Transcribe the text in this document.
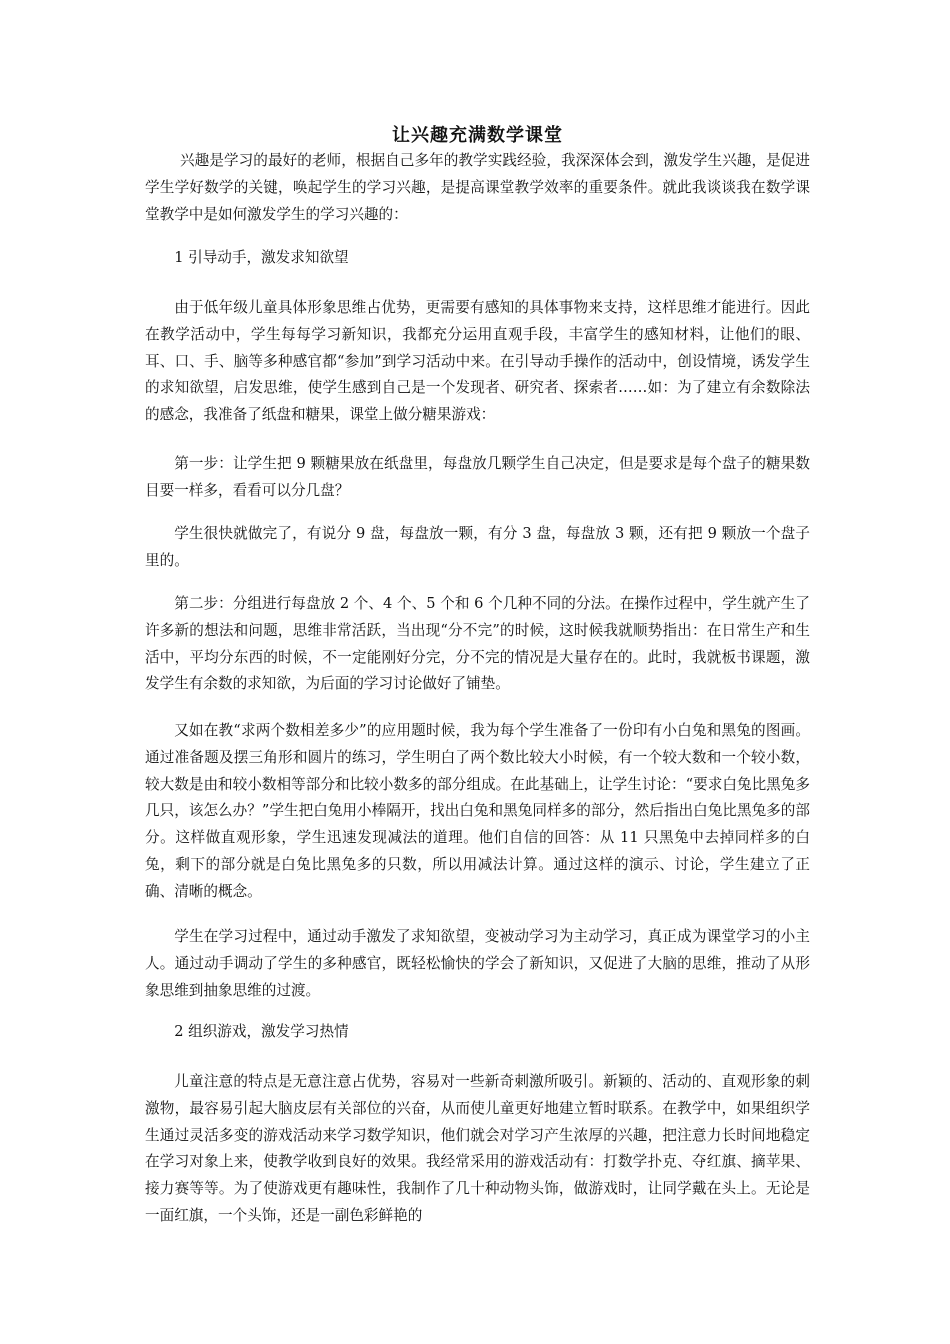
让兴趣充满数学课堂

兴趣是学习的最好的老师，根据自己多年的教学实践经验，我深深体会到，激发学生兴趣，是促进学生学好数学的关键，唤起学生的学习兴趣，是提高课堂教学效率的重要条件。就此我谈谈我在数学课堂教学中是如何激发学生的学习兴趣的：

1 引导动手，激发求知欲望

由于低年级儿童具体形象思维占优势，更需要有感知的具体事物来支持，这样思维才能进行。因此在教学活动中，学生每每学习新知识，我都充分运用直观手段，丰富学生的感知材料，让他们的眼、耳、口、手、脑等多种感官都“参加”到学习活动中来。在引导动手操作的活动中，创设情境，诱发学生的求知欲望，启发思维，使学生感到自己是一个发现者、研究者、探索者……如：为了建立有余数除法的感念，我准备了纸盘和糖果，课堂上做分糖果游戏：

第一步：让学生把 9 颗糖果放在纸盘里，每盘放几颗学生自己决定，但是要求是每个盘子的糖果数目要一样多，看看可以分几盘？

学生很快就做完了，有说分 9 盘，每盘放一颗，有分 3 盘，每盘放 3 颗，还有把 9 颗放一个盘子里的。

第二步：分组进行每盘放 2 个、4 个、5 个和 6 个几种不同的分法。在操作过程中，学生就产生了许多新的想法和问题，思维非常活跃，当出现“分不完”的时候，这时候我就顺势指出：在日常生产和生活中，平均分东西的时候，不一定能刚好分完，分不完的情况是大量存在的。此时，我就板书课题，激发学生有余数的求知欲，为后面的学习讨论做好了铺垫。

又如在教“求两个数相差多少”的应用题时候，我为每个学生准备了一份印有小白兔和黑兔的图画。通过准备题及摆三角形和圆片的练习，学生明白了两个数比较大小时候，有一个较大数和一个较小数，较大数是由和较小数相等部分和比较小数多的部分组成。在此基础上，让学生讨论：“要求白兔比黑兔多几只，该怎么办？”学生把白兔用小棒隔开，找出白兔和黑兔同样多的部分，然后指出白兔比黑兔多的部分。这样做直观形象，学生迅速发现减法的道理。他们自信的回答：从 11 只黑兔中去掉同样多的白兔，剩下的部分就是白兔比黑兔多的只数，所以用减法计算。通过这样的演示、讨论，学生建立了正确、清晰的概念。

学生在学习过程中，通过动手激发了求知欲望，变被动学习为主动学习，真正成为课堂学习的小主人。通过动手调动了学生的多种感官，既轻松愉快的学会了新知识，又促进了大脑的思维，推动了从形象思维到抽象思维的过渡。

2 组织游戏，激发学习热情

儿童注意的特点是无意注意占优势，容易对一些新奇刺激所吸引。新颖的、活动的、直观形象的刺激物，最容易引起大脑皮层有关部位的兴奋，从而使儿童更好地建立暂时联系。在教学中，如果组织学生通过灵活多变的游戏活动来学习数学知识，他们就会对学习产生浓厚的兴趣，把注意力长时间地稳定在学习对象上来，使教学收到良好的效果。我经常采用的游戏活动有：打数学扑克、夺红旗、摘苹果、接力赛等等。为了使游戏更有趣味性，我制作了几十种动物头饰，做游戏时，让同学戴在头上。无论是一面红旗，一个头饰，还是一副色彩鲜艳的
